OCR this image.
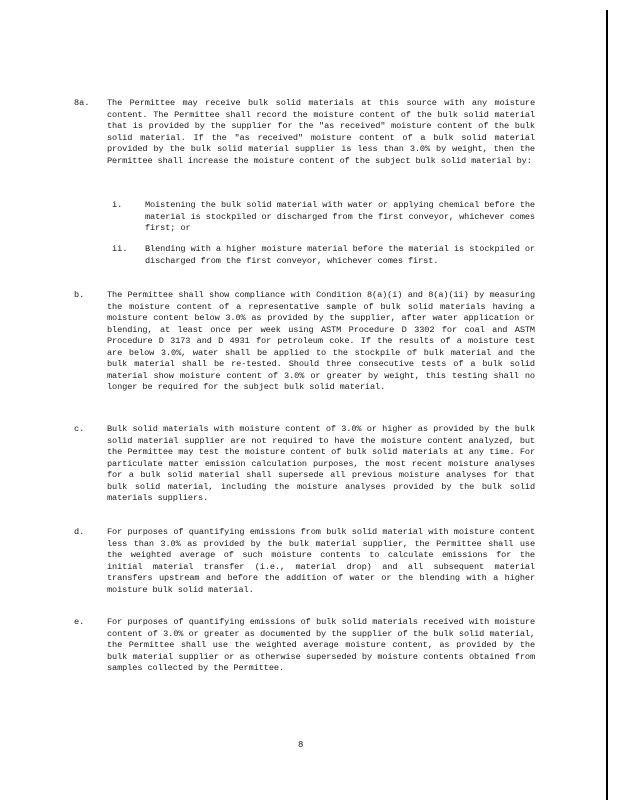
8a. The Permittee may receive bulk solid materials at this source with any moisture content. The Permittee shall record the moisture content of the bulk solid material that is provided by the supplier for the "as received" moisture content of the bulk solid material. If the "as received" moisture content of a bulk solid material provided by the bulk solid material supplier is less than 3.0% by weight, then the Permittee shall increase the moisture content of the subject bulk solid material by:
i.	Moistening the bulk solid material with water or applying chemical before the material is stockpiled or discharged from the first conveyor, whichever comes first; or
ii. Blending with a higher moisture material before the material is stockpiled or discharged from the first conveyor, whichever comes first.
b.	The Permittee shall show compliance with Condition 8(a)(i) and 8(a)(ii) by measuring the moisture content of a representative sample of bulk solid materials having a moisture content below 3.0% as provided by the supplier, after water application or blending, at least once per week using ASTM Procedure D 3302 for coal and ASTM Procedure D 3173 and D 4931 for petroleum coke. If the results of a moisture test are below 3.0%, water shall be applied to the stockpile of bulk material and the bulk material shall be re-tested. Should three consecutive tests of a bulk solid material show moisture content of 3.0% or greater by weight, this testing shall no longer be required for the subject bulk solid material.
c.	Bulk solid materials with moisture content of 3.0% or higher as provided by the bulk solid material supplier are not required to have the moisture content analyzed, but the Permittee may test the moisture content of bulk solid materials at any time. For particulate matter emission calculation purposes, the most recent moisture analyses for a bulk solid material shall supersede all previous moisture analyses for that bulk solid material, including the moisture analyses provided by the bulk solid materials suppliers.
d.	For purposes of quantifying emissions from bulk solid material with moisture content less than 3.0% as provided by the bulk material supplier, the Permittee shall use the weighted average of such moisture contents to calculate emissions for the initial material transfer (i.e., material drop) and all subsequent material transfers upstream and before the addition of water or the blending with a higher moisture bulk solid material.
e.	For purposes of quantifying emissions of bulk solid materials received with moisture content of 3.0% or greater as documented by the supplier of the bulk solid material, the Permittee shall use the weighted average moisture content, as provided by the bulk material supplier or as otherwise superseded by moisture contents obtained from samples collected by the Permittee.
8
